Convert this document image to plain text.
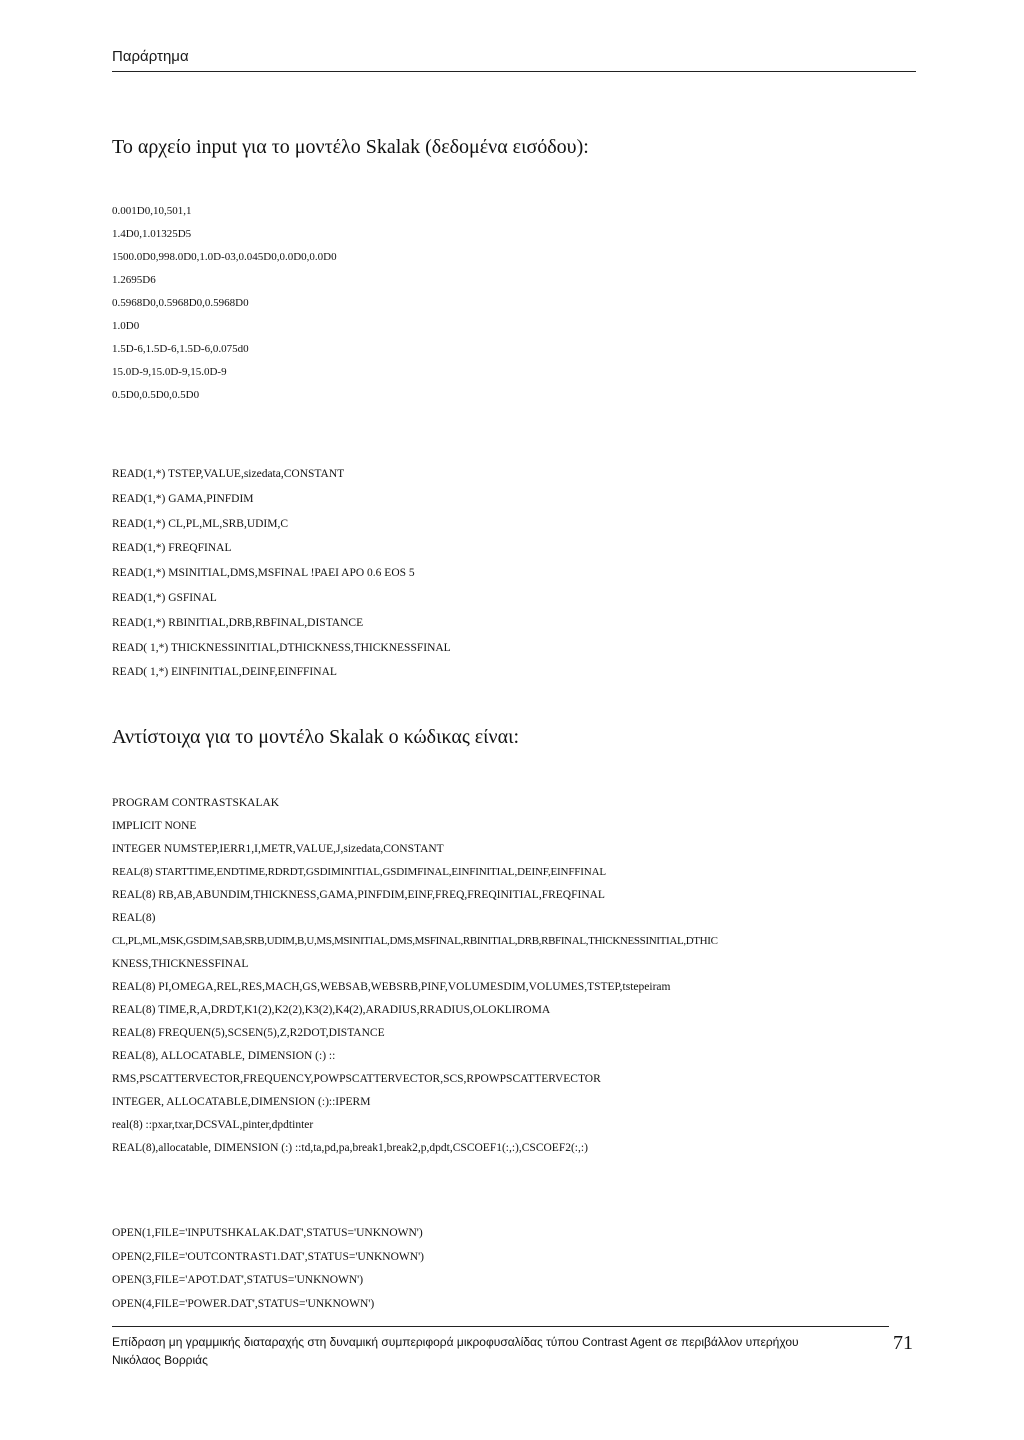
Παράρτημα
Το αρχείο input για το μοντέλο Skalak (δεδομένα εισόδου):
0.001D0,10,501,1
1.4D0,1.01325D5
1500.0D0,998.0D0,1.0D-03,0.045D0,0.0D0,0.0D0
1.2695D6
0.5968D0,0.5968D0,0.5968D0
1.0D0
1.5D-6,1.5D-6,1.5D-6,0.075d0
15.0D-9,15.0D-9,15.0D-9
0.5D0,0.5D0,0.5D0
READ(1,*) TSTEP,VALUE,sizedata,CONSTANT
READ(1,*) GAMA,PINFDIM
READ(1,*) CL,PL,ML,SRB,UDIM,C
READ(1,*) FREQFINAL
READ(1,*) MSINITIAL,DMS,MSFINAL !PAEI APO 0.6 EOS 5
READ(1,*) GSFINAL
READ(1,*) RBINITIAL,DRB,RBFINAL,DISTANCE
READ( 1,*) THICKNESSINITIAL,DTHICKNESS,THICKNESSFINAL
READ( 1,*) EINFINITIAL,DEINF,EINFFINAL
Αντίστοιχα για το μοντέλο Skalak ο κώδικας είναι:
PROGRAM CONTRASTSKALAK
IMPLICIT NONE
INTEGER NUMSTEP,IERR1,I,METR,VALUE,J,sizedata,CONSTANT
REAL(8) STARTTIME,ENDTIME,RDRDT,GSDIMINITIAL,GSDIMFINAL,EINFINITIAL,DEINF,EINFFINAL
REAL(8) RB,AB,ABUNDIM,THICKNESS,GAMA,PINFDIM,EINF,FREQ,FREQINITIAL,FREQFINAL
REAL(8)
CL,PL,ML,MSK,GSDIM,SAB,SRB,UDIM,B,U,MS,MSINITIAL,DMS,MSFINAL,RBINITIAL,DRB,RBFINAL,THICKNESSINITIAL,DTHIC
KNESS,THICKNESSFINAL
REAL(8) PI,OMEGA,REL,RES,MACH,GS,WEBSAB,WEBSRB,PINF,VOLUMESDIM,VOLUMES,TSTEP,tstepeiram
REAL(8) TIME,R,A,DRDT,K1(2),K2(2),K3(2),K4(2),ARADIUS,RRADIUS,OLOKLIROMA
REAL(8) FREQUEN(5),SCSEN(5),Z,R2DOT,DISTANCE
REAL(8), ALLOCATABLE, DIMENSION (:) ::
RMS,PSCATTERVECTOR,FREQUENCY,POWPSCATTERVECTOR,SCS,RPOWPSCATTERVECTOR
INTEGER, ALLOCATABLE,DIMENSION (:)::IPERM
real(8) ::pxar,txar,DCSVAL,pinter,dpdtinter
REAL(8),allocatable, DIMENSION (:) ::td,ta,pd,pa,break1,break2,p,dpdt,CSCOEF1(:,:),CSCOEF2(:,:)
OPEN(1,FILE='INPUTSHKALAK.DAT',STATUS='UNKNOWN')
OPEN(2,FILE='OUTCONTRAST1.DAT',STATUS='UNKNOWN')
OPEN(3,FILE='APOT.DAT',STATUS='UNKNOWN')
OPEN(4,FILE='POWER.DAT',STATUS='UNKNOWN')
Επίδραση μη γραμμικής διαταραχής στη δυναμική συμπεριφορά μικροφυσαλίδας τύπου Contrast Agent σε περιβάλλον υπερήχου
Νικόλαος Βορριάς
71
